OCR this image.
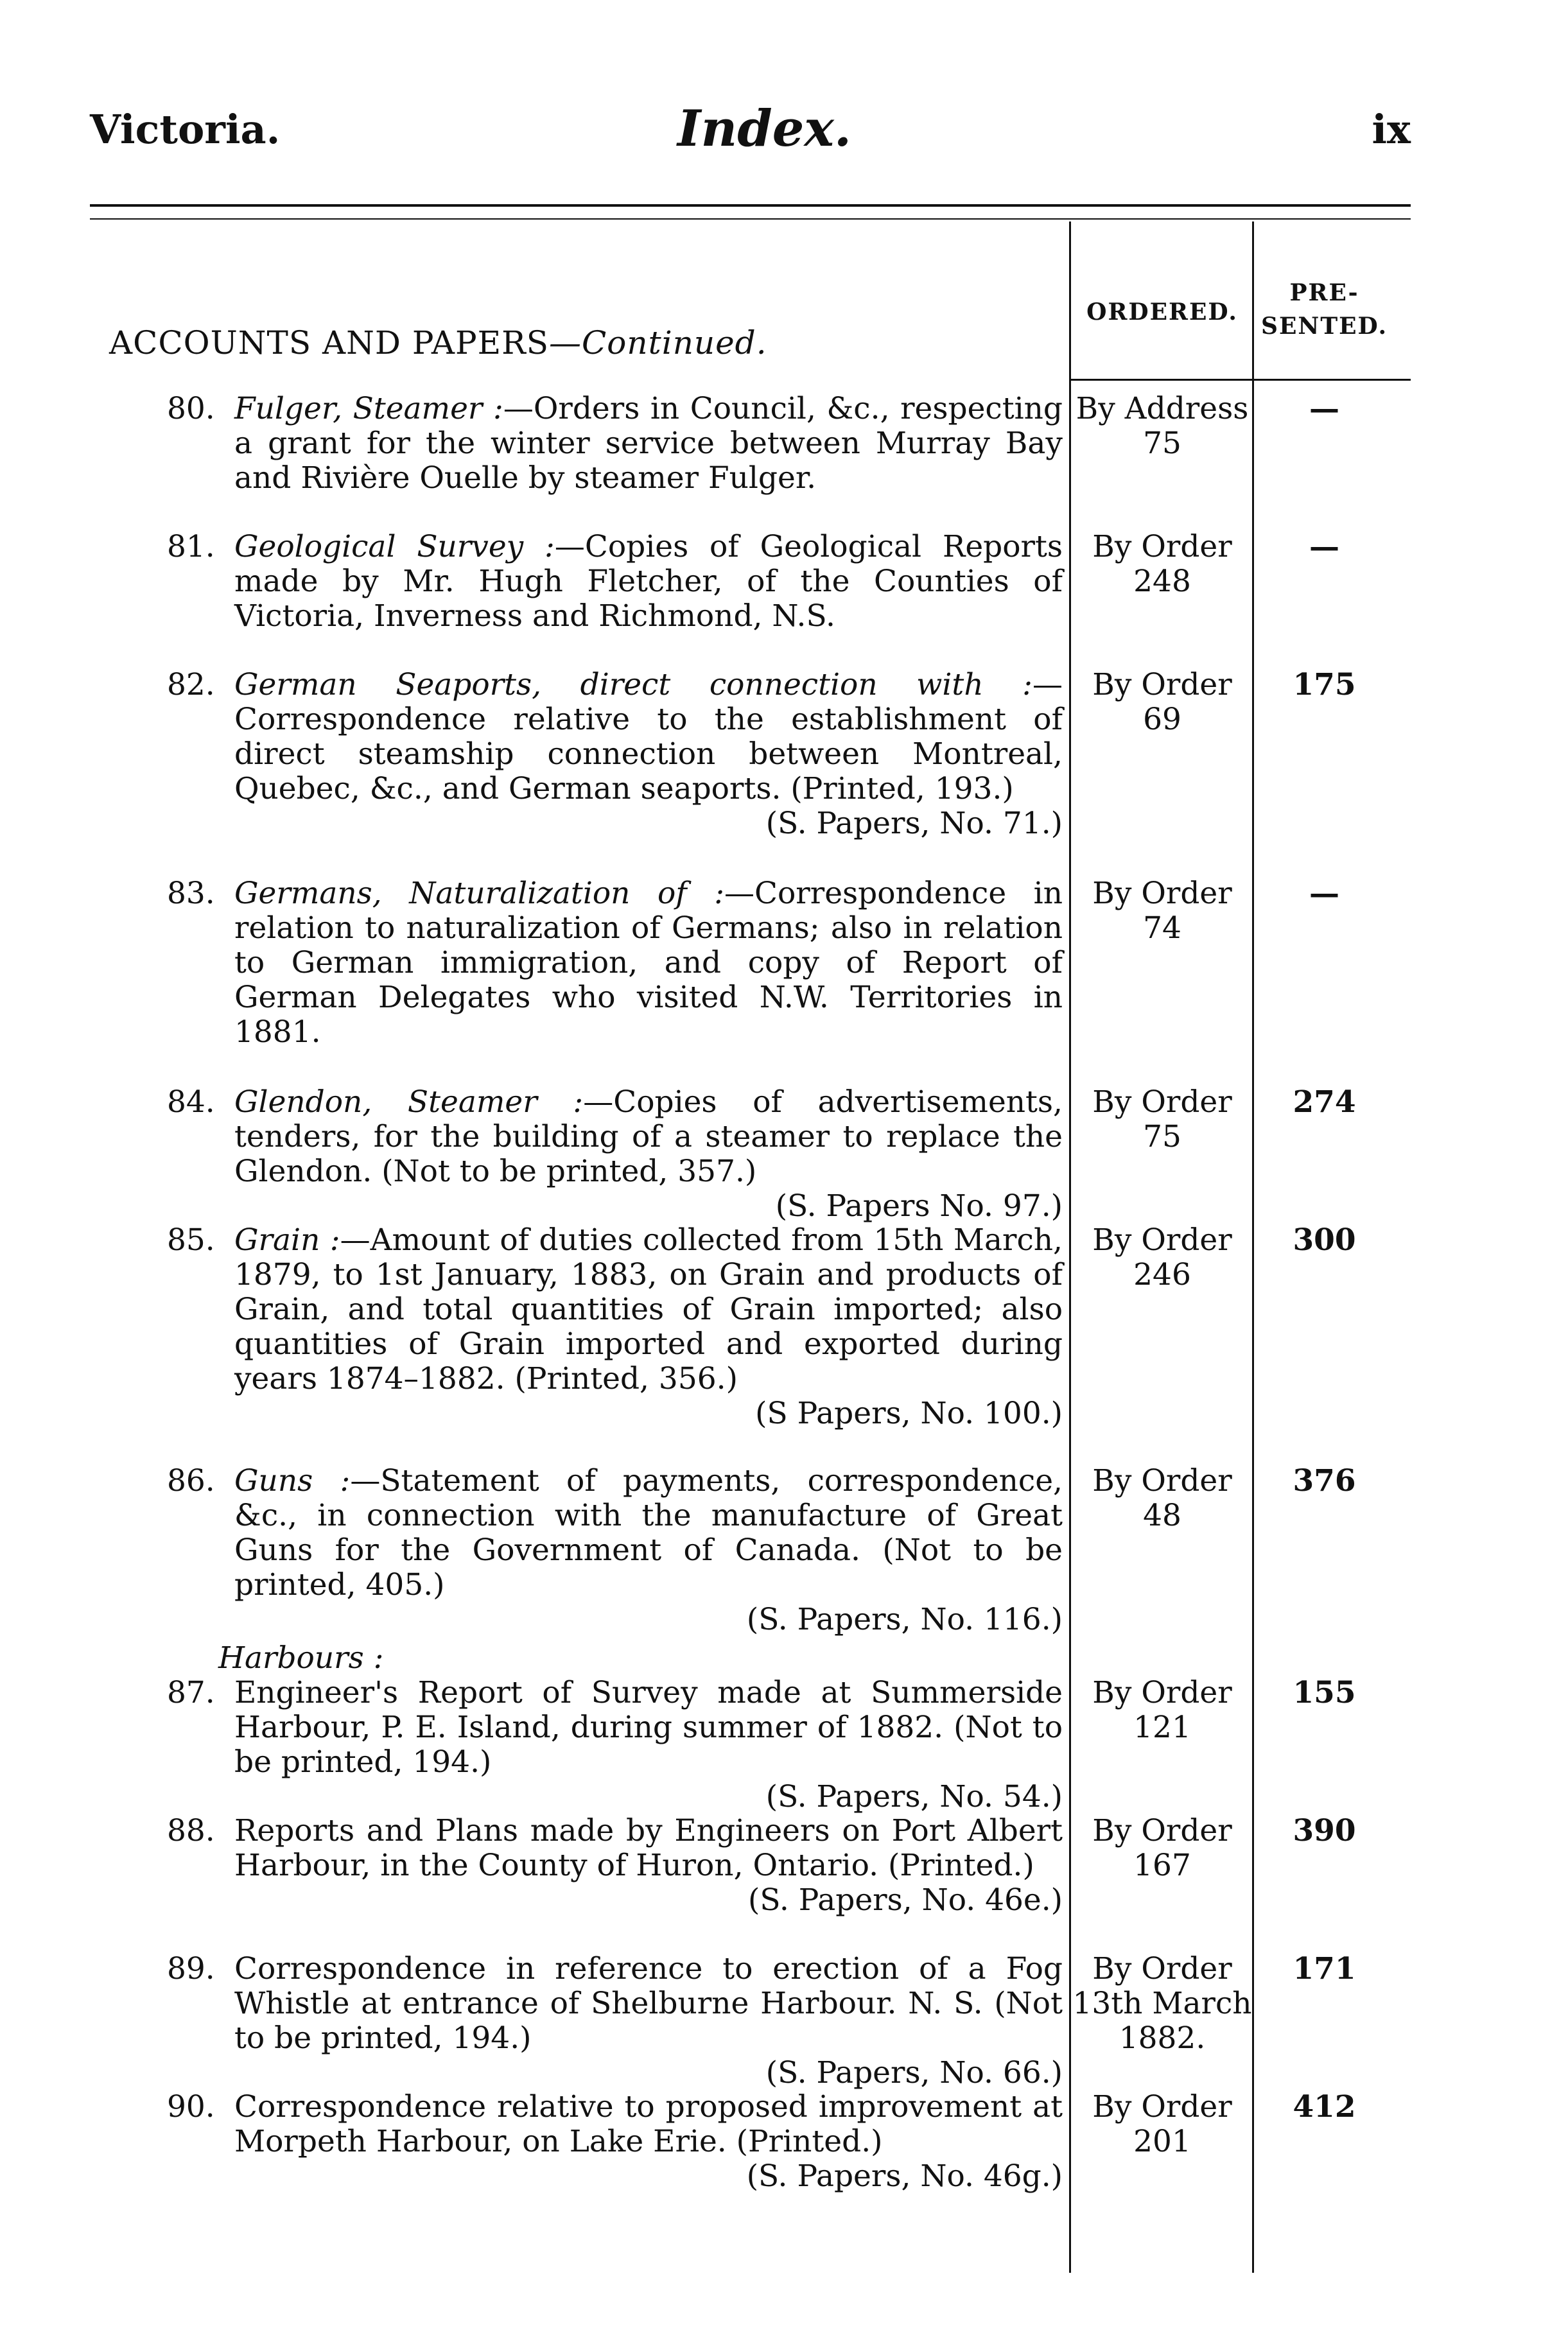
Victoria.	Index.	ix
ORDERED.
PRE-SENTED.
ACCOUNTS AND PAPERS—Continued.
Harbours :
80. Fulger, Steamer :—Orders in Council, &c., respecting a grant for the winter service between Murray Bay and Rivière Ouelle by steamer Fulger.
By Address 75
—
81. Geological Survey :—Copies of Geological Reports made by Mr. Hugh Fletcher, of the Counties of Victoria, Inverness and Richmond, N.S.
By Order 248
—
82. German Seaports, direct connection with :—Correspondence relative to the establishment of direct steamship connection between Montreal, Quebec, &c., and German seaports. (Printed, 193.)
(S. Papers, No. 71.)
By Order 69
175
83. Germans, Naturalization of :—Correspondence in relation to naturalization of Germans; also in relation to German immigration, and copy of Report of German Delegates who visited N.W. Territories in 1881.
By Order 74
—
84. Glendon, Steamer :—Copies of advertisements, tenders, for the building of a steamer to replace the Glendon. (Not to be printed, 357.)
(S. Papers No. 97.)
By Order 75
274
85. Grain :—Amount of duties collected from 15th March, 1879, to 1st January, 1883, on Grain and products of Grain, and total quantities of Grain imported; also quantities of Grain imported and exported during years 1874–1882. (Printed, 356.)
(S Papers, No. 100.)
By Order 246
300
86. Guns :—Statement of payments, correspondence, &c., in connection with the manufacture of Great Guns for the Government of Canada. (Not to be printed, 405.)
(S. Papers, No. 116.)
By Order 48
376
87. Engineer's Report of Survey made at Summerside Harbour, P. E. Island, during summer of 1882. (Not to be printed, 194.)
(S. Papers, No. 54.)
By Order 121
155
88. Reports and Plans made by Engineers on Port Albert Harbour, in the County of Huron, Ontario. (Printed.)
(S. Papers, No. 46e.)
By Order 167
390
89. Correspondence in reference to erection of a Fog Whistle at entrance of Shelburne Harbour. N. S. (Not to be printed, 194.)
(S. Papers, No. 66.)
By Order 13th March 1882.
171
90. Correspondence relative to proposed improvement at Morpeth Harbour, on Lake Erie. (Printed.)
(S. Papers, No. 46g.)
By Order 201
412
